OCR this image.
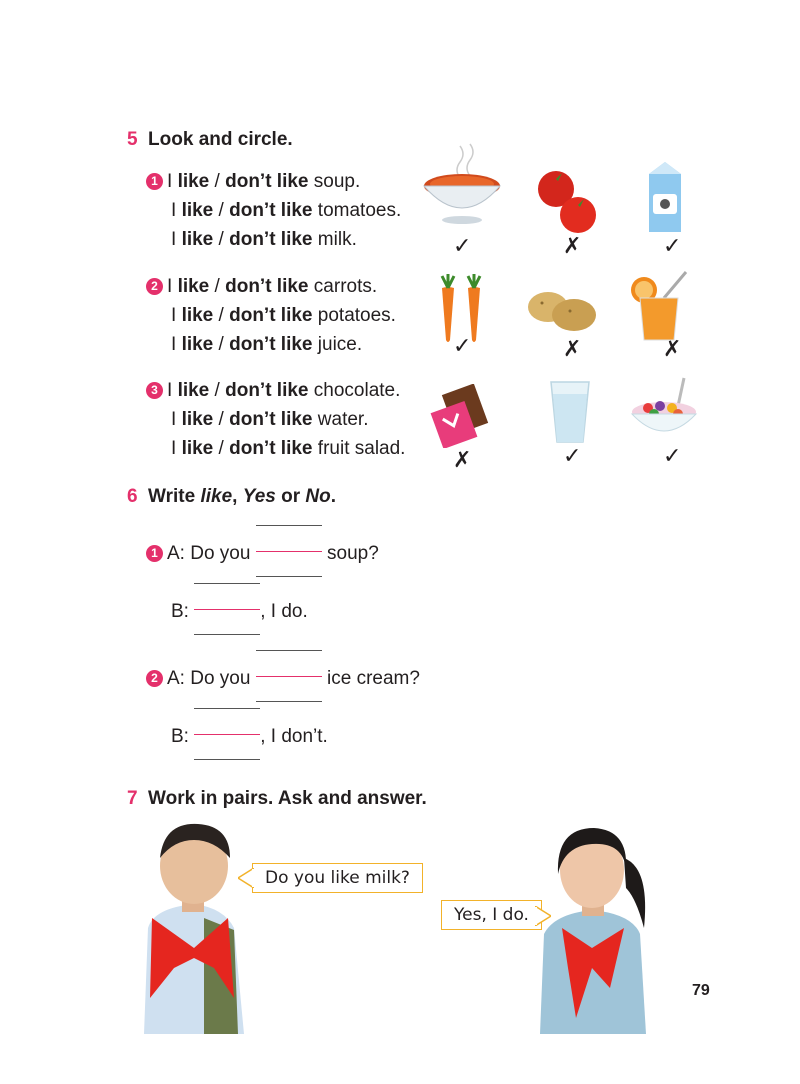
5 Look and circle.
1 I like / don’t like soup.
I like / don’t like tomatoes.
I like / don’t like milk.	✓	✗	✓
2 I like / don’t like carrots.
I like / don’t like potatoes.
I like / don’t like juice.	✓	✗	✗
3 I like / don’t like chocolate.
I like / don’t like water.
I like / don’t like fruit salad. ✗	✓	✓
6 Write like, Yes or No.
1 A: Do you	soup?
B:	, I do.
2 A: Do you	ice cream?
B:	, I don’t.
7 Work in pairs. Ask and answer.
Do you like milk?
Yes, I do.
79
